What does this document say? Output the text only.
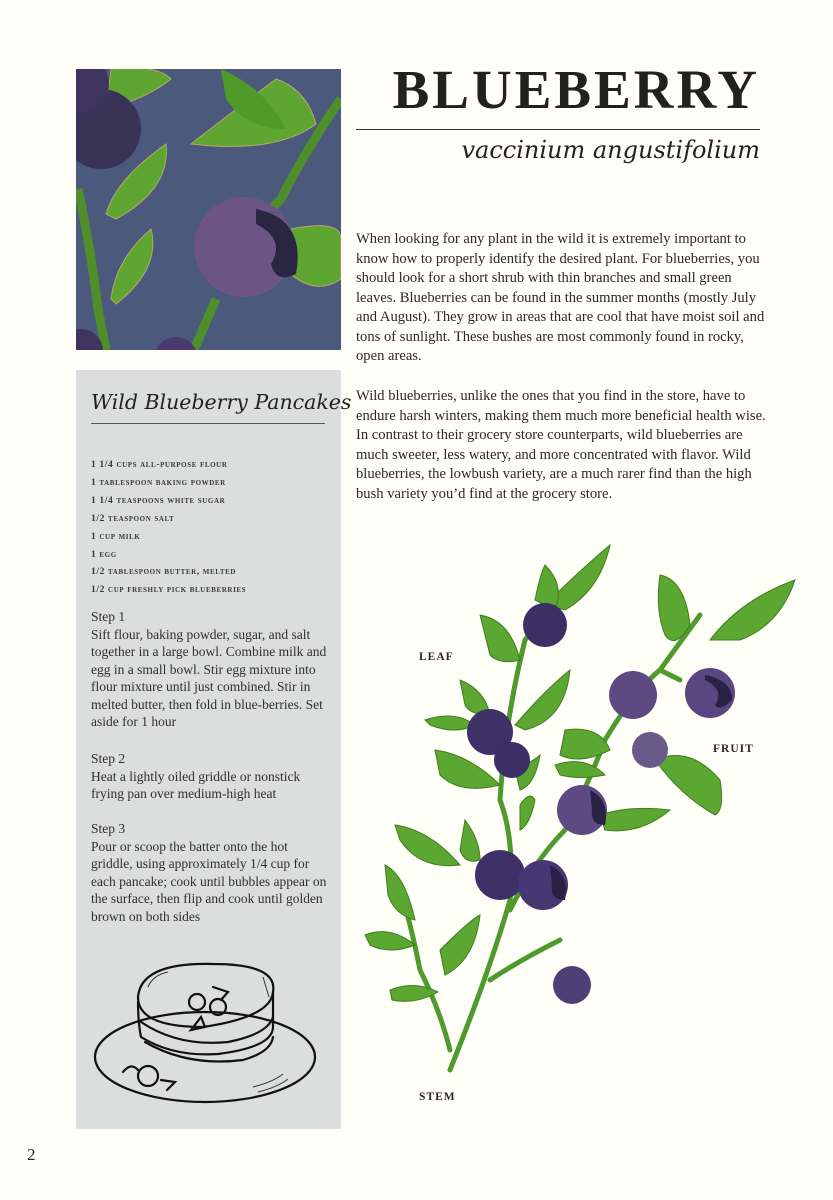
BLUEBERRY
vaccinium angustifolium

When looking for any plant in the wild it is extremely important to know how to properly identify the desired plant. For blueberries, you should look for a short shrub with thin branches and small green leaves. Blueberries can be found in the summer months (mostly July and August). They grow in areas that are cool that have moist soil and tons of sunlight. These bushes are most commonly found in rocky, open areas.

Wild blueberries, unlike the ones that you find in the store, have to endure harsh winters, making them much more beneficial health wise. In contrast to their grocery store counterparts, wild blueberries are much sweeter, less watery, and more concentrated with flavor. Wild blueberries, the lowbush variety, are a much rarer find than the high bush variety you’d find at the grocery store.

Wild Blueberry Pancakes
1 1/4 cups all-purpose flour
1 tablespoon baking powder
1 1/4 teaspoons white sugar
1/2 teaspoon salt
1 cup milk
1 egg
1/2 tablespoon butter, melted
1/2 cup freshly pick blueberries
Step 1
Sift flour, baking powder, sugar, and salt together in a large bowl. Combine milk and egg in a small bowl. Stir egg mixture into flour mixture until just combined. Stir in melted butter, then fold in blue-berries. Set aside for 1 hour
Step 2
Heat a lightly oiled griddle or nonstick frying pan over medium-high heat
Step 3
Pour or scoop the batter onto the hot griddle, using approximately 1/4 cup for each pancake; cook until bubbles appear on the surface, then flip and cook until golden brown on both sides
LEAF
FRUIT
STEM
2
